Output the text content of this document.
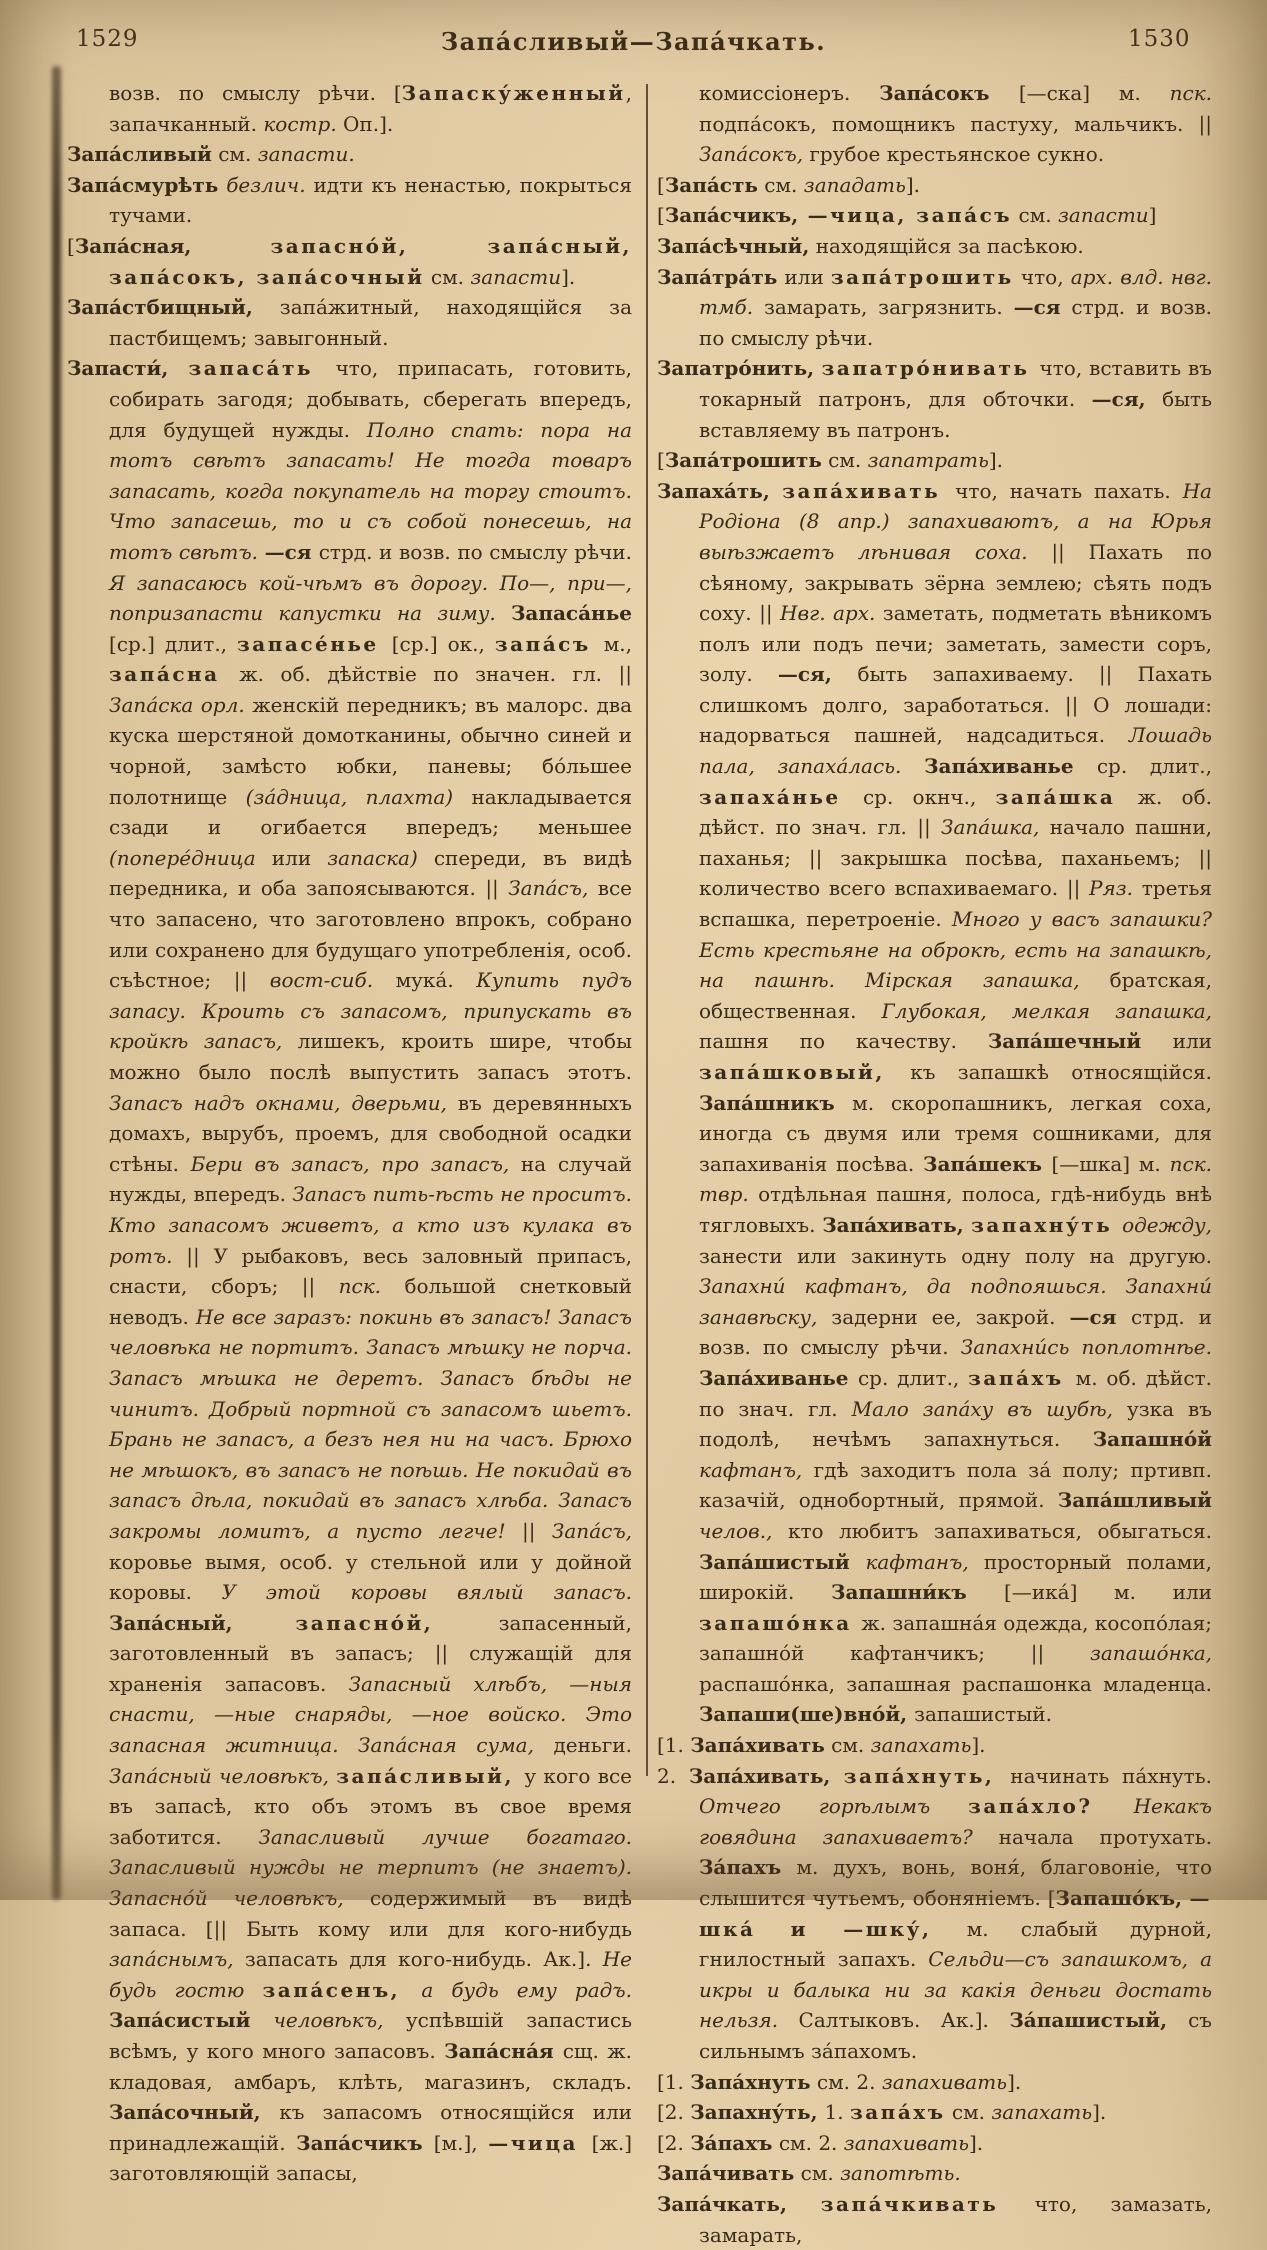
1529	Запа́сливый—Запа́чкать.	1530

возв. по смыслу рѣчи. [Запаску́женный, запачканный. костр. Оп.].

Запа́сливый см. запасти.

Запа́смурѣть безлич. идти къ ненастью, покрыться тучами.

[Запа́сная, запасно́й, запа́сный, запа́сокъ, запа́сочный см. запасти].

Запа́стбищный, запа́житный, находящійся за пастбищемъ; завыгонный.

Запасти́, запаса́ть что, припасать, готовить, собирать загодя; добывать, сберегать впередъ, для будущей нужды. Полно спать: пора на тотъ свѣтъ запасать! Не тогда товаръ запасать, когда покупатель на торгу стоитъ. Что запасешь, то и съ собой понесешь, на тотъ свѣтъ. —ся стрд. и возв. по смыслу рѣчи. Я запасаюсь кой-чѣмъ въ дорогу. По—, при—, попризапасти капустки на зиму. Запаса́нье [ср.] длит., запасе́нье [ср.] ок., запа́съ м., запа́сна ж. об. дѣйствіе по значен. гл. || Запа́ска орл. женскій передникъ; въ малорс. два куска шерстяной домотканины, обычно синей и чорной, замѣсто юбки, паневы; бо́льшее полотнище (за́дница, плахта) накладывается сзади и огибается впередъ; меньшее (попере́дница или запаска) спереди, въ видѣ передника, и оба запоясываются. || Запа́съ, все что запасено, что заготовлено впрокъ, собрано или сохранено для будущаго употребленія, особ. съѣстное; || вост-сиб. мука́. Купить пудъ запасу. Кроить съ запасомъ, припускать въ кройкѣ запасъ, лишекъ, кроить шире, чтобы можно было послѣ выпустить запасъ этотъ. Запасъ надъ окнами, дверьми, въ деревянныхъ домахъ, вырубъ, проемъ, для свободной осадки стѣны. Бери въ запасъ, про запасъ, на случай нужды, впередъ. Запасъ пить-ѣсть не проситъ. Кто запасомъ живетъ, а кто изъ кулака въ ротъ. || У рыбаковъ, весь заловный припасъ, снасти, сборъ; || пск. большой снетковый неводъ. Не все заразъ: покинь въ запасъ! Запасъ человѣка не портитъ. Запасъ мѣшку не порча. Запасъ мѣшка не деретъ. Запасъ бѣды не чинитъ. Добрый портной съ запасомъ шьетъ. Брань не запасъ, а безъ нея ни на часъ. Брюхо не мѣшокъ, въ запасъ не поѣшь. Не покидай въ запасъ дѣла, покидай въ запасъ хлѣба. Запасъ закромы ломитъ, а пусто легче! || Запа́съ, коровье вымя, особ. у стельной или у дойной коровы. У этой коровы вялый запасъ. Запа́сный, запасно́й, запасенный, заготовленный въ запасъ; || служащій для храненія запасовъ. Запасный хлѣбъ, —ныя снасти, —ные снаряды, —ное войско. Это запасная житница. Запа́сная сума, деньги. Запа́сный человѣкъ, запа́сливый, у кого все въ запасѣ, кто объ этомъ въ свое время заботится. Запасливый лучше богатаго. Запасливый нужды не терпитъ (не знаетъ). Запасно́й человѣкъ, содержимый въ видѣ запаса. [|| Быть кому или для кого-нибудь запа́снымъ, запасать для кого-нибудь. Ак.]. Не будь гостю запа́сенъ, а будь ему радъ. Запа́систый человѣкъ, успѣвшій запастись всѣмъ, у кого много запасовъ. Запа́сна́я сщ. ж. кладовая, амбаръ, клѣть, магазинъ, складъ. Запа́сочный, къ запасомъ относящійся или принадлежащій. Запа́счикъ [м.], —чица [ж.] заготовляющій запасы,

комиссіонеръ. Запа́сокъ [—ска] м. пск. подпа́сокъ, помощникъ пастуху, мальчикъ. || Запа́сокъ, грубое крестьянское сукно.

[Запа́сть см. западать].

[Запа́счикъ, —чица, запа́съ см. запасти]

Запа́сѣчный, находящійся за пасѣкою.

Запа́тра́ть или запа́трошить что, арх. влд. нвг. тмб. замарать, загрязнить. —ся стрд. и возв. по смыслу рѣчи.

Запатро́нить, запатро́нивать что, вставить въ токарный патронъ, для обточки. —ся, быть вставляему въ патронъ.

[Запа́трошить см. запатрать].

Запаха́ть, запа́хивать что, начать пахать. На Родіона (8 апр.) запахиваютъ, а на Юрья выѣзжаетъ лѣнивая соха. || Пахать по сѣяному, закрывать зёрна землею; сѣять подъ соху. || Нвг. арх. заметать, подметать вѣникомъ полъ или подъ печи; заметать, замести соръ, золу. —ся, быть запахиваему. || Пахать слишкомъ долго, заработаться. || О лошади: надорваться пашней, надсадиться. Лошадь пала, запаха́лась. Запа́хиванье ср. длит., запаха́нье ср. окнч., запа́шка ж. об. дѣйст. по знач. гл. || Запа́шка, начало пашни, паханья; || закрышка посѣва, паханьемъ; || количество всего вспахиваемаго. || Ряз. третья вспашка, перетроеніе. Много у васъ запашки? Есть крестьяне на оброкѣ, есть на запашкѣ, на пашнѣ. Мірская запашка, братская, общественная. Глубокая, мелкая запашка, пашня по качеству. Запа́шечный или запа́шковый, къ запашкѣ относящійся. Запа́шникъ м. скоропашникъ, легкая соха, иногда съ двумя или тремя сошниками, для запахиванія посѣва. Запа́шекъ [—шка] м. пск. твр. отдѣльная пашня, полоса, гдѣ-нибудь внѣ тягловыхъ. Запа́хивать, запахну́ть одежду, занести или закинуть одну полу на другую. Запахни́ кафтанъ, да подпояшься. Запахни́ занавѣску, задерни ее, закрой. —ся стрд. и возв. по смыслу рѣчи. Запахни́сь поплотнѣе. Запа́хиванье ср. длит., запа́хъ м. об. дѣйст. по знач. гл. Мало запа́ху въ шубѣ, узка въ подолѣ, нечѣмъ запахнуться. Запашно́й кафтанъ, гдѣ заходитъ пола за́ полу; пртивп. казачій, однобортный, прямой. Запа́шливый челов., кто любитъ запахиваться, обыгаться. Запа́шистый кафтанъ, просторный полами, широкій. Запашни́къ [—ика́] м. или запашо́нка ж. запашна́я одежда, косопо́лая; запашно́й кафтанчикъ; || запашо́нка, распашо́нка, запашная распашонка младенца. Запаши(ше)вно́й, запашистый.

[1. Запа́хивать см. запахать].

2. Запа́хивать, запа́хнуть, начинать па́хнуть. Отчего горѣлымъ запа́хло? Некакъ говядина запахиваетъ? начала протухать. За́пахъ м. духъ, вонь, воня́, благовоніе, что слышится чутьемъ, обоняніемъ. [Запашо́къ, —шка́ и —шку́, м. слабый дурной, гнилостный запахъ. Сельди—съ запашкомъ, а икры и балыка ни за какія деньги достать нельзя. Салтыковъ. Ак.]. За́пашистый, съ сильнымъ за́пахомъ.

[1. Запа́хнуть см. 2. запахивать].

[2. Запахну́ть, 1. запа́хъ см. запахать].

[2. За́пахъ см. 2. запахивать].

Запа́чивать см. запотѣть.

Запа́чкать, запа́чкивать что, замазать, замарать,
